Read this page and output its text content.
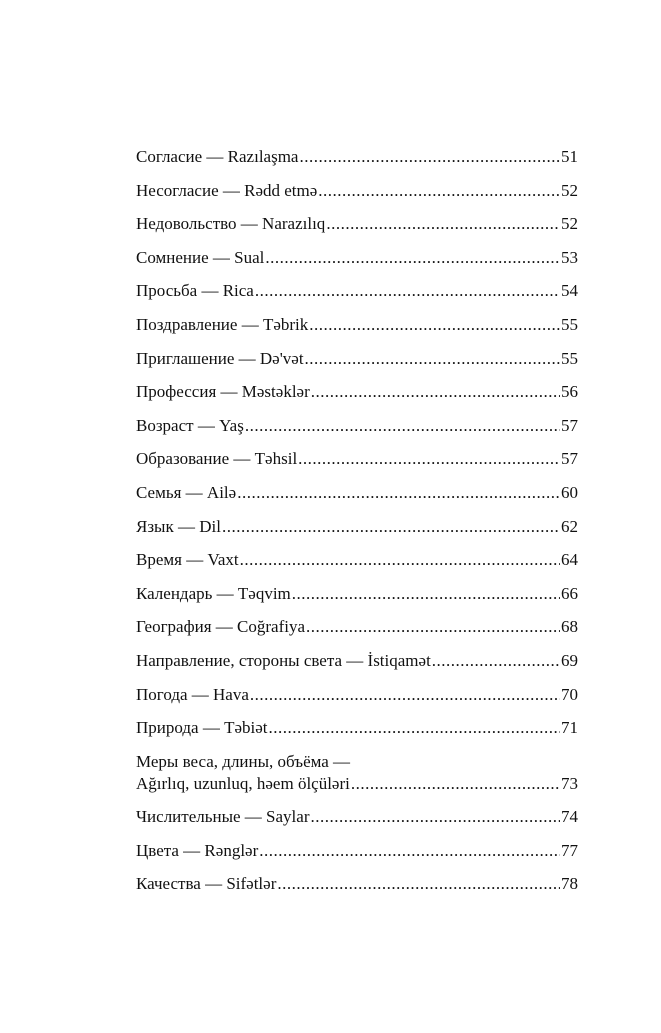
Согласие — Razılaşma .....	51
Несогласие — Rədd etmə .....	52
Недовольство — Narazılıq .....	52
Сомнение — Sual .....	53
Просьба — Rica .....	54
Поздравление — Təbrik .....	55
Приглашение — Də'vət .....	55
Профессия — Məstəklər .....	56
Возраст — Yaş .....	57
Образование — Təhsil .....	57
Семья — Ailə .....	60
Язык — Dil .....	62
Время — Vaxt .....	64
Календарь — Təqvim .....	66
География — Coğrafiya .....	68
Направление, стороны света — İstiqamət .....	69
Погода — Hava .....	70
Природа — Təbiət .....	71
Меры веса, длины, объёма —
Ağırlıq, uzunluq, həem ölçüləri .....	73
Числительные — Saylar .....	74
Цвета — Rənglər .....	77
Качества — Sifətlər .....	78
